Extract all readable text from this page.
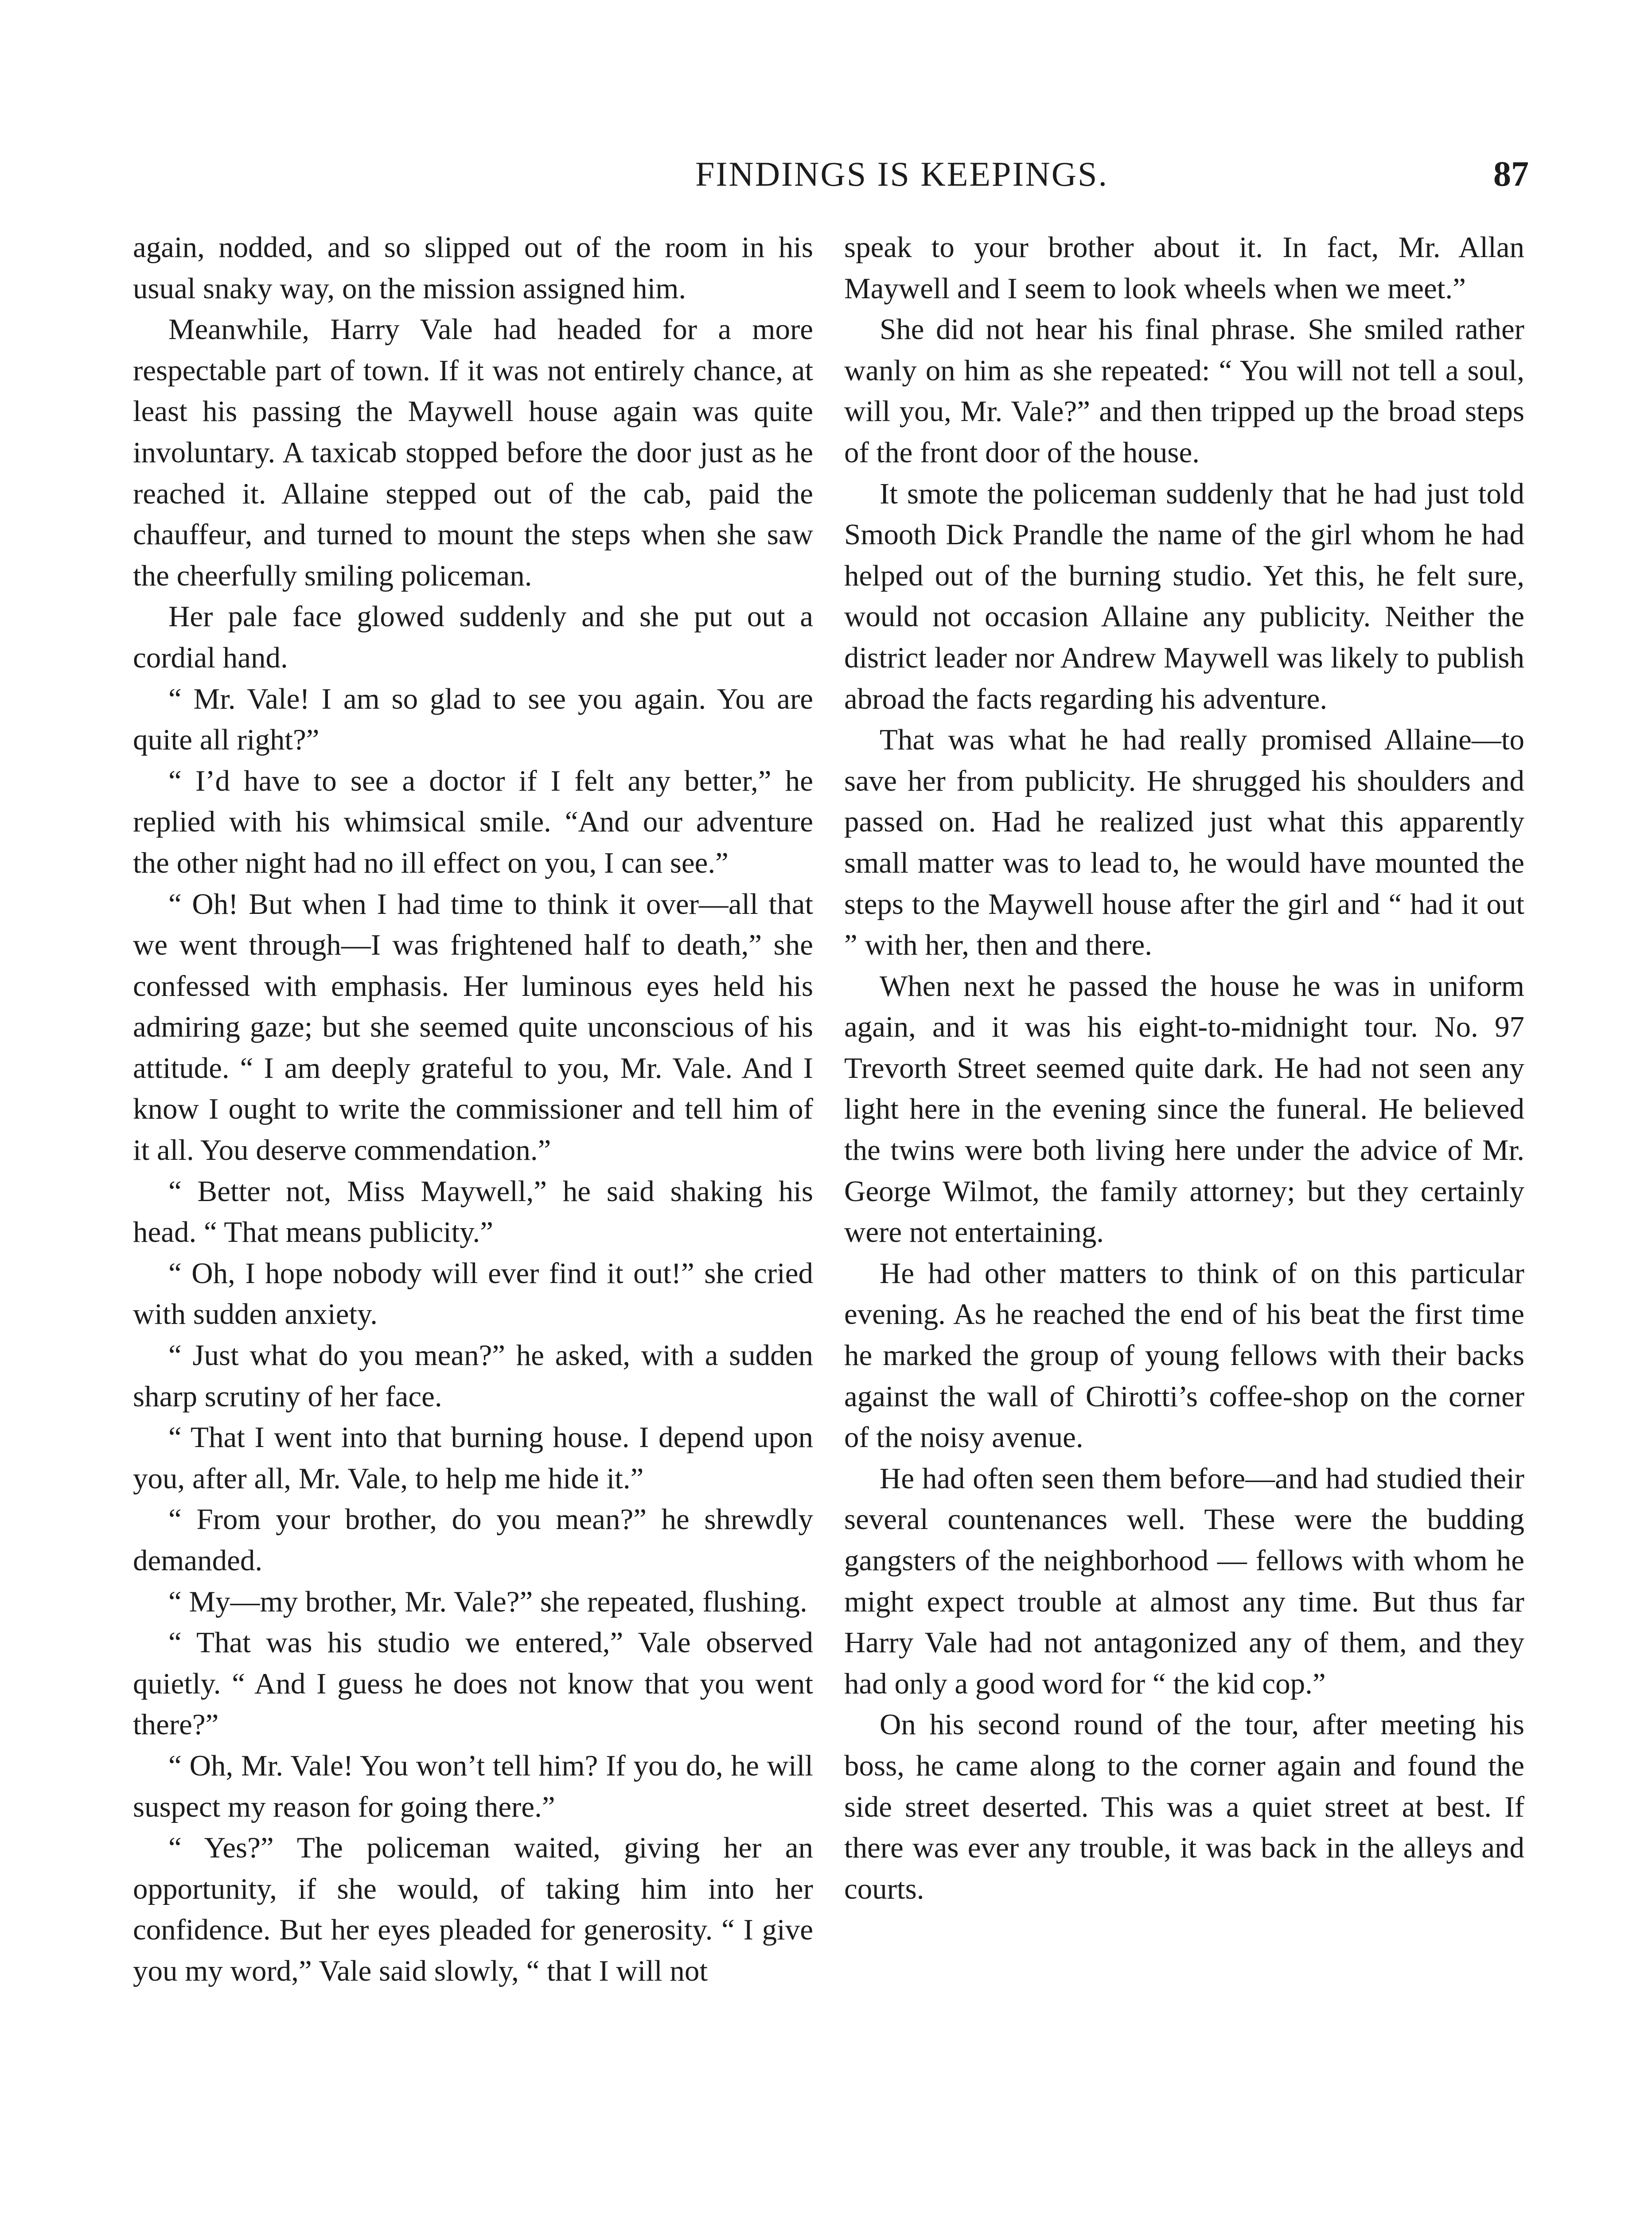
FINDINGS IS KEEPINGS.	87

again, nodded, and so slipped out of the room in his usual snaky way, on the mission assigned him.

Meanwhile, Harry Vale had headed for a more respectable part of town. If it was not entirely chance, at least his passing the Maywell house again was quite involuntary. A taxicab stopped before the door just as he reached it. Allaine stepped out of the cab, paid the chauffeur, and turned to mount the steps when she saw the cheerfully smiling policeman.

Her pale face glowed suddenly and she put out a cordial hand.

“ Mr. Vale! I am so glad to see you again. You are quite all right?”

“ I’d have to see a doctor if I felt any better,” he replied with his whimsical smile. “And our adventure the other night had no ill effect on you, I can see.”

“ Oh! But when I had time to think it over—all that we went through—I was frightened half to death,” she confessed with emphasis. Her luminous eyes held his admiring gaze; but she seemed quite unconscious of his attitude. “ I am deeply grateful to you, Mr. Vale. And I know I ought to write the commissioner and tell him of it all. You deserve commendation.”

“ Better not, Miss Maywell,” he said shaking his head. “ That means publicity.”

“ Oh, I hope nobody will ever find it out!” she cried with sudden anxiety.

“ Just what do you mean?” he asked, with a sudden sharp scrutiny of her face.

“ That I went into that burning house. I depend upon you, after all, Mr. Vale, to help me hide it.”

“ From your brother, do you mean?” he shrewdly demanded.

“ My—my brother, Mr. Vale?” she repeated, flushing.

“ That was his studio we entered,” Vale observed quietly. “ And I guess he does not know that you went there?”

“ Oh, Mr. Vale! You won’t tell him? If you do, he will suspect my reason for going there.”

“ Yes?” The policeman waited, giving her an opportunity, if she would, of taking him into her confidence. But her eyes pleaded for generosity. “ I give you my word,” Vale said slowly, “ that I will not

speak to your brother about it. In fact, Mr. Allan Maywell and I seem to look wheels when we meet.”

She did not hear his final phrase. She smiled rather wanly on him as she repeated: “ You will not tell a soul, will you, Mr. Vale?” and then tripped up the broad steps of the front door of the house.

It smote the policeman suddenly that he had just told Smooth Dick Prandle the name of the girl whom he had helped out of the burning studio. Yet this, he felt sure, would not occasion Allaine any publicity. Neither the district leader nor Andrew Maywell was likely to publish abroad the facts regarding his adventure.

That was what he had really promised Allaine—to save her from publicity. He shrugged his shoulders and passed on. Had he realized just what this apparently small matter was to lead to, he would have mounted the steps to the Maywell house after the girl and “ had it out ” with her, then and there.

When next he passed the house he was in uniform again, and it was his eight-to-midnight tour. No. 97 Trevorth Street seemed quite dark. He had not seen any light here in the evening since the funeral. He believed the twins were both living here under the advice of Mr. George Wilmot, the family attorney; but they certainly were not entertaining.

He had other matters to think of on this particular evening. As he reached the end of his beat the first time he marked the group of young fellows with their backs against the wall of Chirotti’s coffee-shop on the corner of the noisy avenue.

He had often seen them before—and had studied their several countenances well. These were the budding gangsters of the neighborhood — fellows with whom he might expect trouble at almost any time. But thus far Harry Vale had not antagonized any of them, and they had only a good word for “ the kid cop.”

On his second round of the tour, after meeting his boss, he came along to the corner again and found the side street deserted. This was a quiet street at best. If there was ever any trouble, it was back in the alleys and courts.
